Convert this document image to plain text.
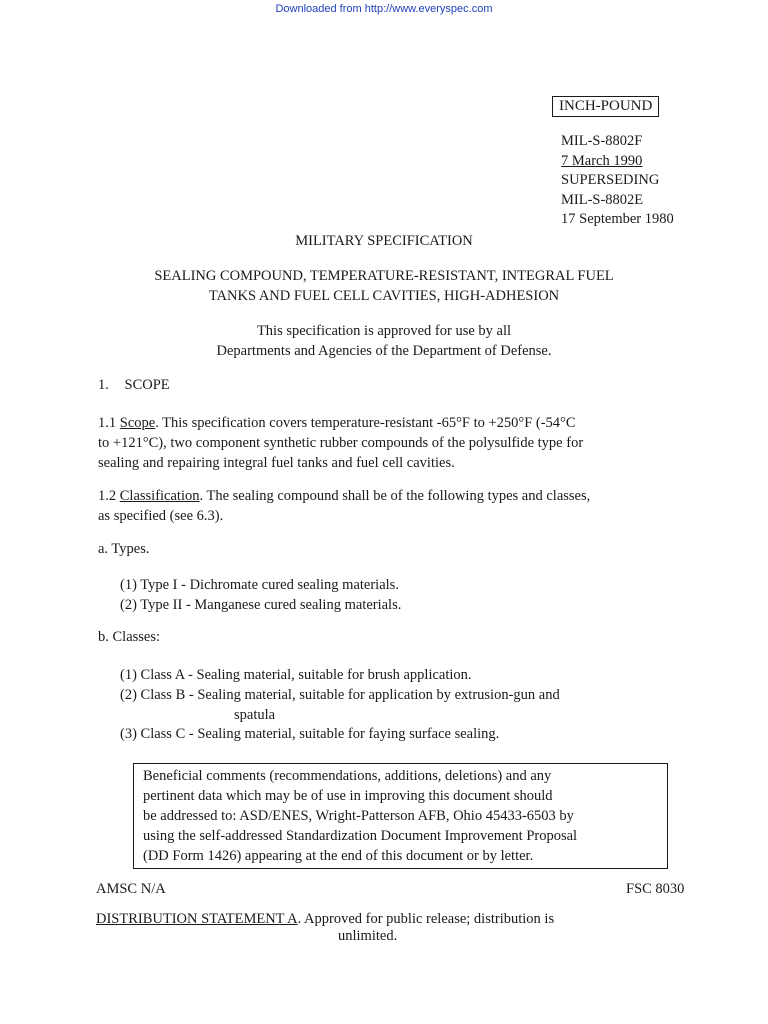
Downloaded from http://www.everyspec.com
INCH-POUND
MIL-S-8802F
7 March 1990
SUPERSEDING
MIL-S-8802E
17 September 1980
MILITARY SPECIFICATION
SEALING COMPOUND, TEMPERATURE-RESISTANT, INTEGRAL FUEL
TANKS AND FUEL CELL CAVITIES, HIGH-ADHESION
This specification is approved for use by all
Departments and Agencies of the Department of Defense.
1. SCOPE
1.1 Scope. This specification covers temperature-resistant -65°F to +250°F (-54°C
to +121°C), two component synthetic rubber compounds of the polysulfide type for
sealing and repairing integral fuel tanks and fuel cell cavities.
1.2 Classification. The sealing compound shall be of the following types and classes,
as specified (see 6.3).
a. Types.
(1) Type I - Dichromate cured sealing materials.
(2) Type II - Manganese cured sealing materials.
b. Classes:
(1) Class A - Sealing material, suitable for brush application.
(2) Class B - Sealing material, suitable for application by extrusion-gun and
spatula
(3) Class C - Sealing material, suitable for faying surface sealing.
Beneficial comments (recommendations, additions, deletions) and any
pertinent data which may be of use in improving this document should
be addressed to: ASD/ENES, Wright-Patterson AFB, Ohio 45433-6503 by
using the self-addressed Standardization Document Improvement Proposal
(DD Form 1426) appearing at the end of this document or by letter.
AMSC N/A	FSC 8030
DISTRIBUTION STATEMENT A. Approved for public release; distribution is
unlimited.
